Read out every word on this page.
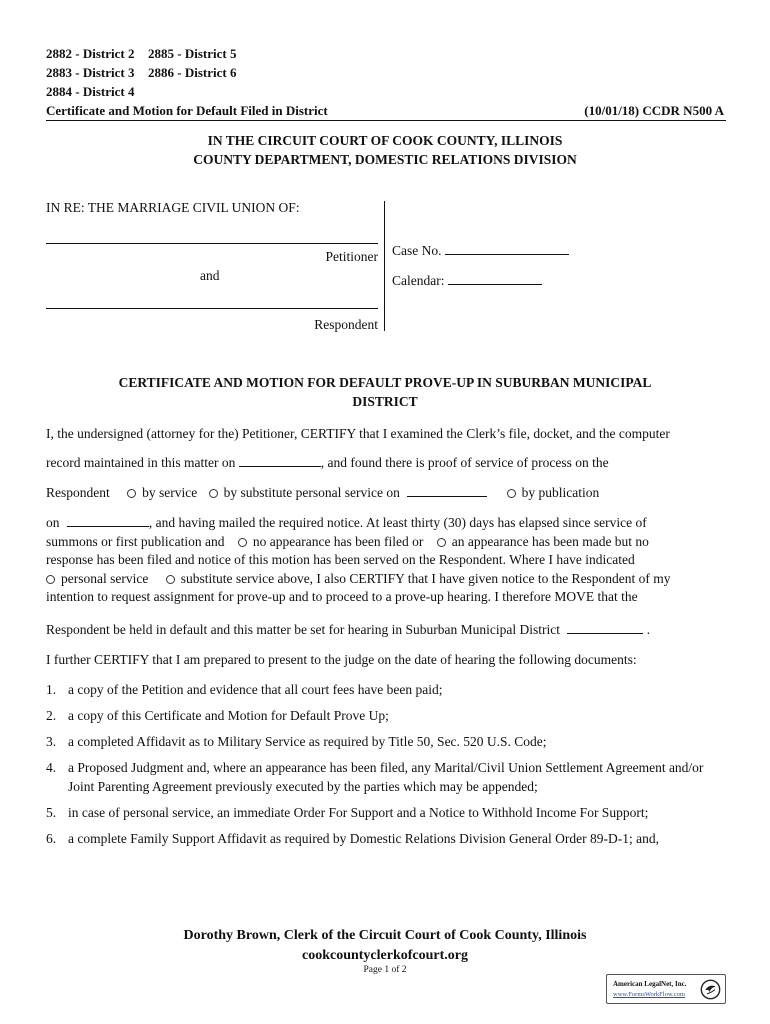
2882 - District 2 2885 - District 5
2883 - District 3 2886 - District 6
2884 - District 4
Certificate and Motion for Default Filed in District	(10/01/18) CCDR N500 A
IN THE CIRCUIT COURT OF COOK COUNTY, ILLINOIS
COUNTY DEPARTMENT, DOMESTIC RELATIONS DIVISION
IN RE: THE MARRIAGE CIVIL UNION OF:
Petitioner
and
Respondent
Case No.
Calendar:
CERTIFICATE AND MOTION FOR DEFAULT PROVE-UP IN SUBURBAN MUNICIPAL
DISTRICT
I, the undersigned (attorney for the) Petitioner, CERTIFY that I examined the Clerk’s file, docket, and the computer
record maintained in this matter on	, and found there is proof of service of process on the
Respondent by service by substitute personal service on	by publication
on	, and having mailed the required notice. At least thirty (30) days has elapsed since service of
summons or first publication and no appearance has been filed or an appearance has been made but no
response has been filed and notice of this motion has been served on the Respondent. Where I have indicated
personal service substitute service above, I also CERTIFY that I have given notice to the Respondent of my
intention to request assignment for prove-up and to proceed to a prove-up hearing. I therefore MOVE that the
Respondent be held in default and this matter be set for hearing in Suburban Municipal District	.
I further CERTIFY that I am prepared to present to the judge on the date of hearing the following documents:
1. a copy of the Petition and evidence that all court fees have been paid;
2. a copy of this Certificate and Motion for Default Prove Up;
3. a completed Affidavit as to Military Service as required by Title 50, Sec. 520 U.S. Code;
4. a Proposed Judgment and, where an appearance has been filed, any Marital/Civil Union Settlement Agreement and/or Joint Parenting Agreement previously executed by the parties which may be appended;
5. in case of personal service, an immediate Order For Support and a Notice to Withhold Income For Support;
6. a complete Family Support Affidavit as required by Domestic Relations Division General Order 89-D-1; and,
Dorothy Brown, Clerk of the Circuit Court of Cook County, Illinois
cookcountyclerkofcourt.org
Page 1 of 2
American LegalNet, Inc.
www.FormsWorkFlow.com
